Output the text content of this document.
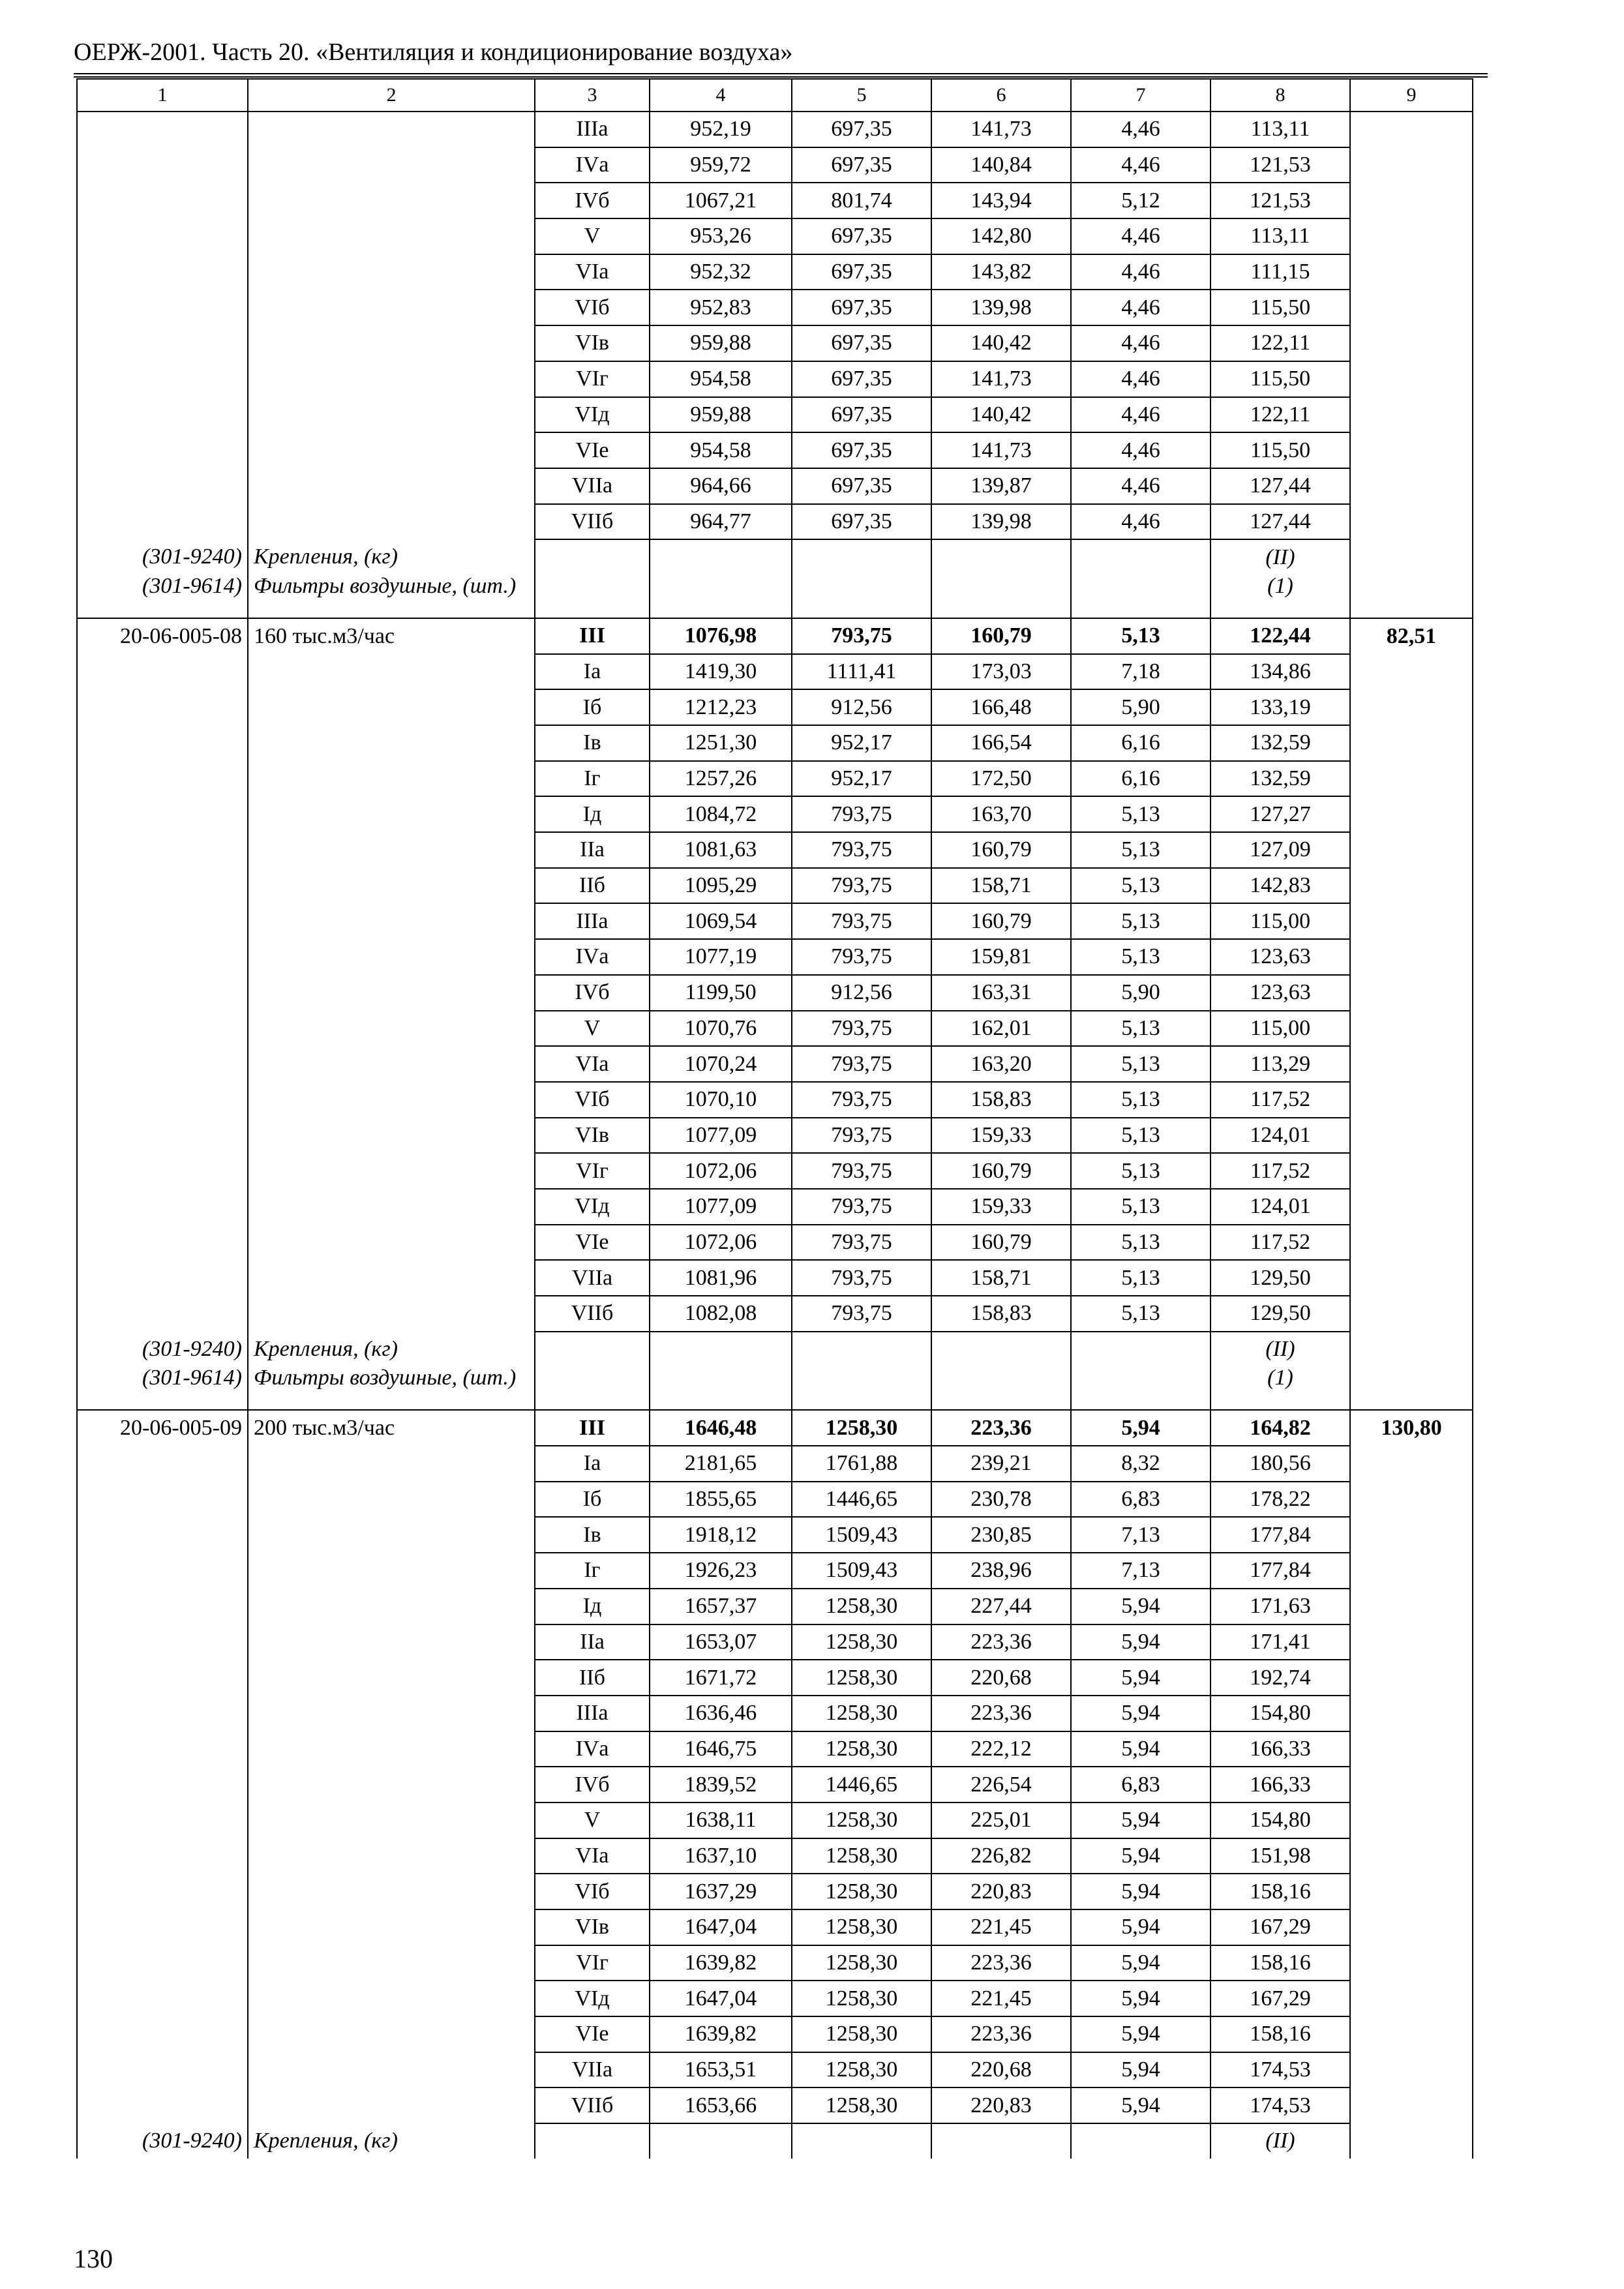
ОЕРЖ-2001. Часть 20. «Вентиляция и кондиционирование воздуха»
1	2	3	4	5	6	7	8	9
		IIIа	952,19	697,35	141,73	4,46	113,11	
		IVа	959,72	697,35	140,84	4,46	121,53	
		IVб	1067,21	801,74	143,94	5,12	121,53	
		V	953,26	697,35	142,80	4,46	113,11	
		VIа	952,32	697,35	143,82	4,46	111,15	
		VIб	952,83	697,35	139,98	4,46	115,50	
		VIв	959,88	697,35	140,42	4,46	122,11	
		VIг	954,58	697,35	141,73	4,46	115,50	
		VIд	959,88	697,35	140,42	4,46	122,11	
		VIе	954,58	697,35	141,73	4,46	115,50	
		VIIа	964,66	697,35	139,87	4,46	127,44	
		VIIб	964,77	697,35	139,98	4,46	127,44	
(301-9240)	Крепления, (кг)						(II)	
(301-9614)	Фильтры воздушные, (шт.)						(1)	
20-06-005-08	160 тыс.м3/час	III	1076,98	793,75	160,79	5,13	122,44	82,51
		Iа	1419,30	1111,41	173,03	7,18	134,86	
		Iб	1212,23	912,56	166,48	5,90	133,19	
		Iв	1251,30	952,17	166,54	6,16	132,59	
		Iг	1257,26	952,17	172,50	6,16	132,59	
		Iд	1084,72	793,75	163,70	5,13	127,27	
		IIа	1081,63	793,75	160,79	5,13	127,09	
		IIб	1095,29	793,75	158,71	5,13	142,83	
		IIIа	1069,54	793,75	160,79	5,13	115,00	
		IVа	1077,19	793,75	159,81	5,13	123,63	
		IVб	1199,50	912,56	163,31	5,90	123,63	
		V	1070,76	793,75	162,01	5,13	115,00	
		VIа	1070,24	793,75	163,20	5,13	113,29	
		VIб	1070,10	793,75	158,83	5,13	117,52	
		VIв	1077,09	793,75	159,33	5,13	124,01	
		VIг	1072,06	793,75	160,79	5,13	117,52	
		VIд	1077,09	793,75	159,33	5,13	124,01	
		VIе	1072,06	793,75	160,79	5,13	117,52	
		VIIа	1081,96	793,75	158,71	5,13	129,50	
		VIIб	1082,08	793,75	158,83	5,13	129,50	
(301-9240)	Крепления, (кг)						(II)	
(301-9614)	Фильтры воздушные, (шт.)						(1)	
20-06-005-09	200 тыс.м3/час	III	1646,48	1258,30	223,36	5,94	164,82	130,80
		Iа	2181,65	1761,88	239,21	8,32	180,56	
		Iб	1855,65	1446,65	230,78	6,83	178,22	
		Iв	1918,12	1509,43	230,85	7,13	177,84	
		Iг	1926,23	1509,43	238,96	7,13	177,84	
		Iд	1657,37	1258,30	227,44	5,94	171,63	
		IIа	1653,07	1258,30	223,36	5,94	171,41	
		IIб	1671,72	1258,30	220,68	5,94	192,74	
		IIIа	1636,46	1258,30	223,36	5,94	154,80	
		IVа	1646,75	1258,30	222,12	5,94	166,33	
		IVб	1839,52	1446,65	226,54	6,83	166,33	
		V	1638,11	1258,30	225,01	5,94	154,80	
		VIа	1637,10	1258,30	226,82	5,94	151,98	
		VIб	1637,29	1258,30	220,83	5,94	158,16	
		VIв	1647,04	1258,30	221,45	5,94	167,29	
		VIг	1639,82	1258,30	223,36	5,94	158,16	
		VIд	1647,04	1258,30	221,45	5,94	167,29	
		VIе	1639,82	1258,30	223,36	5,94	158,16	
		VIIа	1653,51	1258,30	220,68	5,94	174,53	
		VIIб	1653,66	1258,30	220,83	5,94	174,53	
(301-9240)	Крепления, (кг)						(II)	
130
